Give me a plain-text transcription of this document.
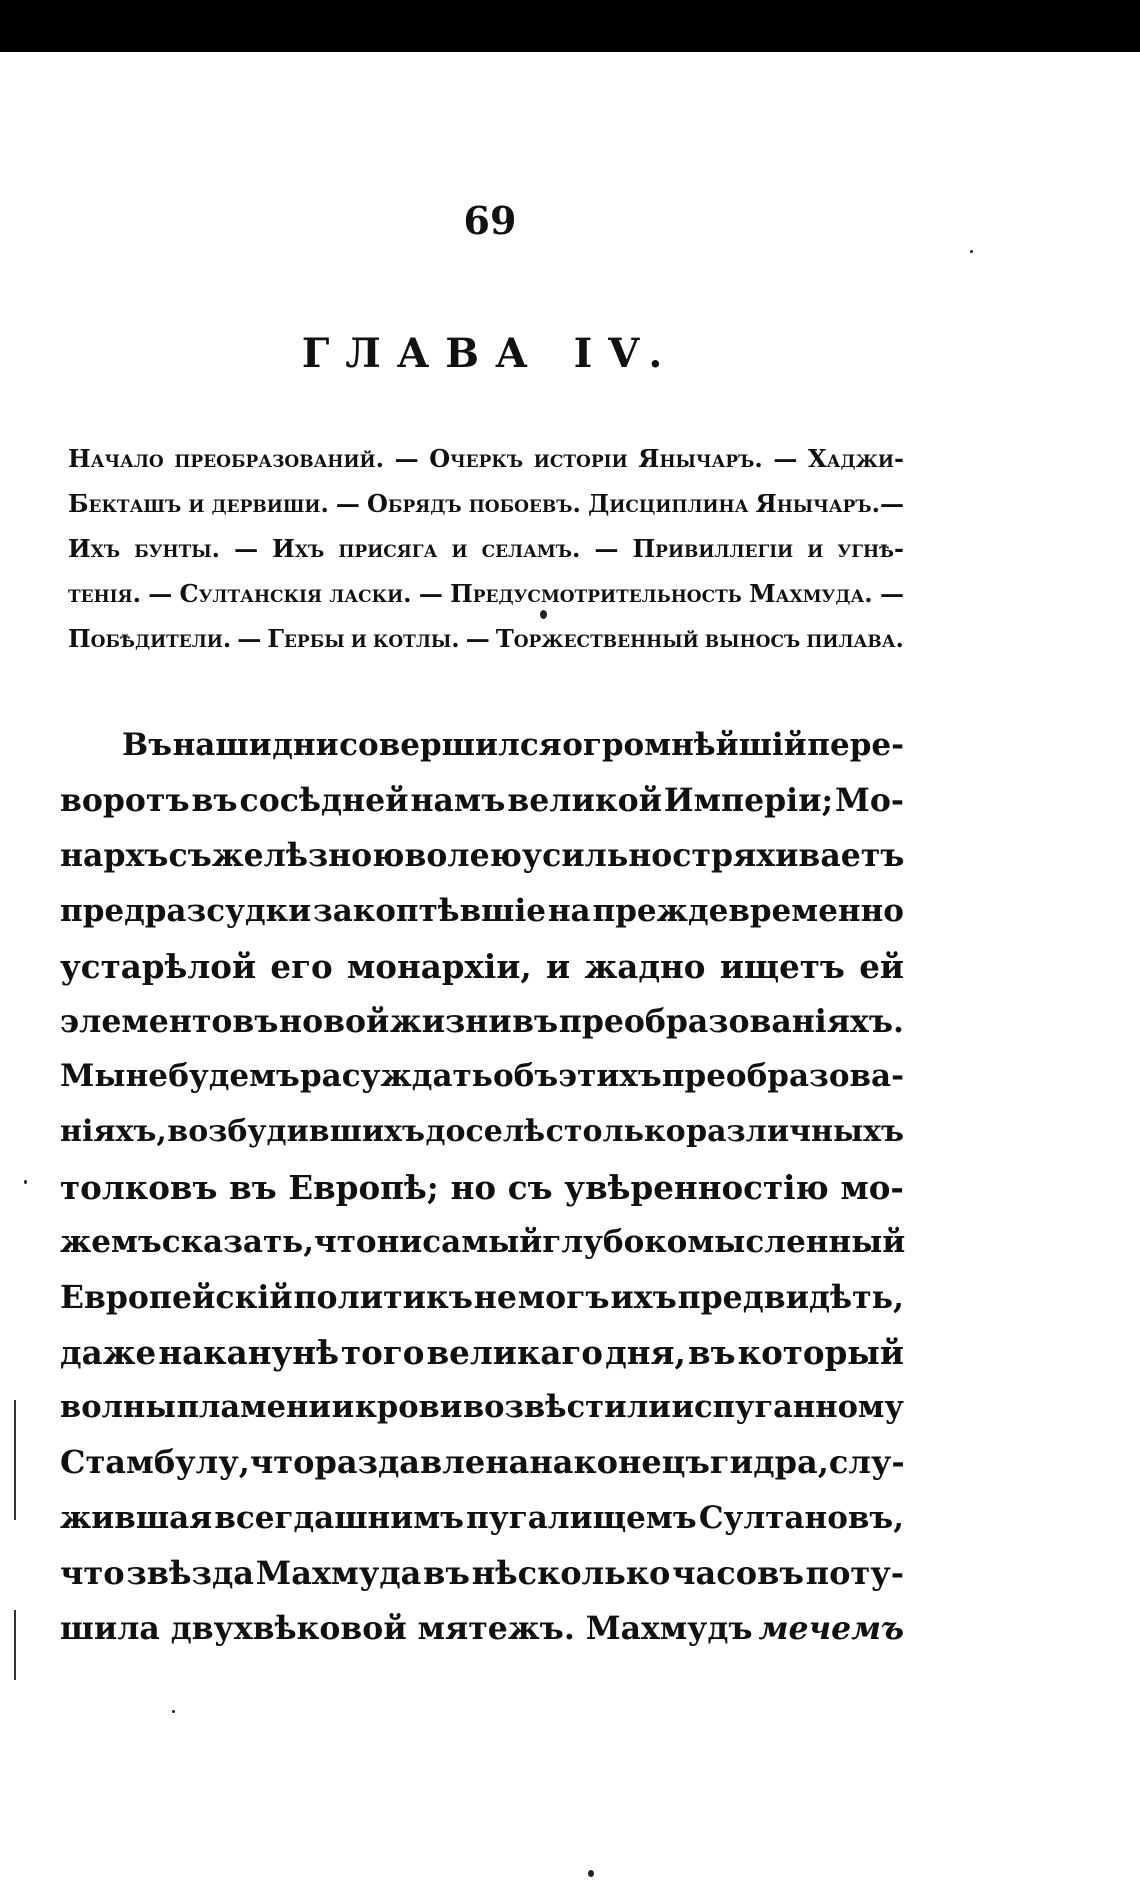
69
ГЛАВА IV.
Начало преобразований. — Очеркъ исторіи Янычаръ. — Хаджи-
Бекташъ и дервиши. — Обрядъ побоевъ. Дисциплина Янычаръ.—
Ихъ бунты. — Ихъ присяга и селамъ. — Привиллегіи и угнѣ-
тенія. — Султанскія ласки. — Предусмотрительность Махмуда. —
Побѣдители. — Гербы и котлы. — Торжественный выносъ пилава.
Въ наши дни совершился огромнѣйшій пере-
воротъ въ сосѣдней намъ великой Имперіи; Мо-
нархъ съ желѣзною волею усильно стряхиваетъ
предразсудки закоптѣвшіе на преждевременно
устарѣлой его монархіи, и жадно ищетъ ей
элементовъ новой жизни въ преобразованіяхъ.
Мы не будемъ расуждать объ этихъ преобразова-
ніяхъ, возбудившихъ доселѣ столько различныхъ
толковъ въ Европѣ; но съ увѣренностію мо-
жемъ сказать, что ни самый глубокомысленный
Европейскій политикъ не могъ ихъ предвидѣть,
даже наканунѣ того великаго дня, въ который
волны пламени и крови возвѣстили испуганному
Стамбулу, что раздавлена наконецъ гидра, слу-
жившая всегдашнимъ пугалищемъ Султановъ,
что звѣзда Махмуда въ нѣсколько часовъ поту-
шила двухвѣковой мятежъ. Махмудъ мечемъ
